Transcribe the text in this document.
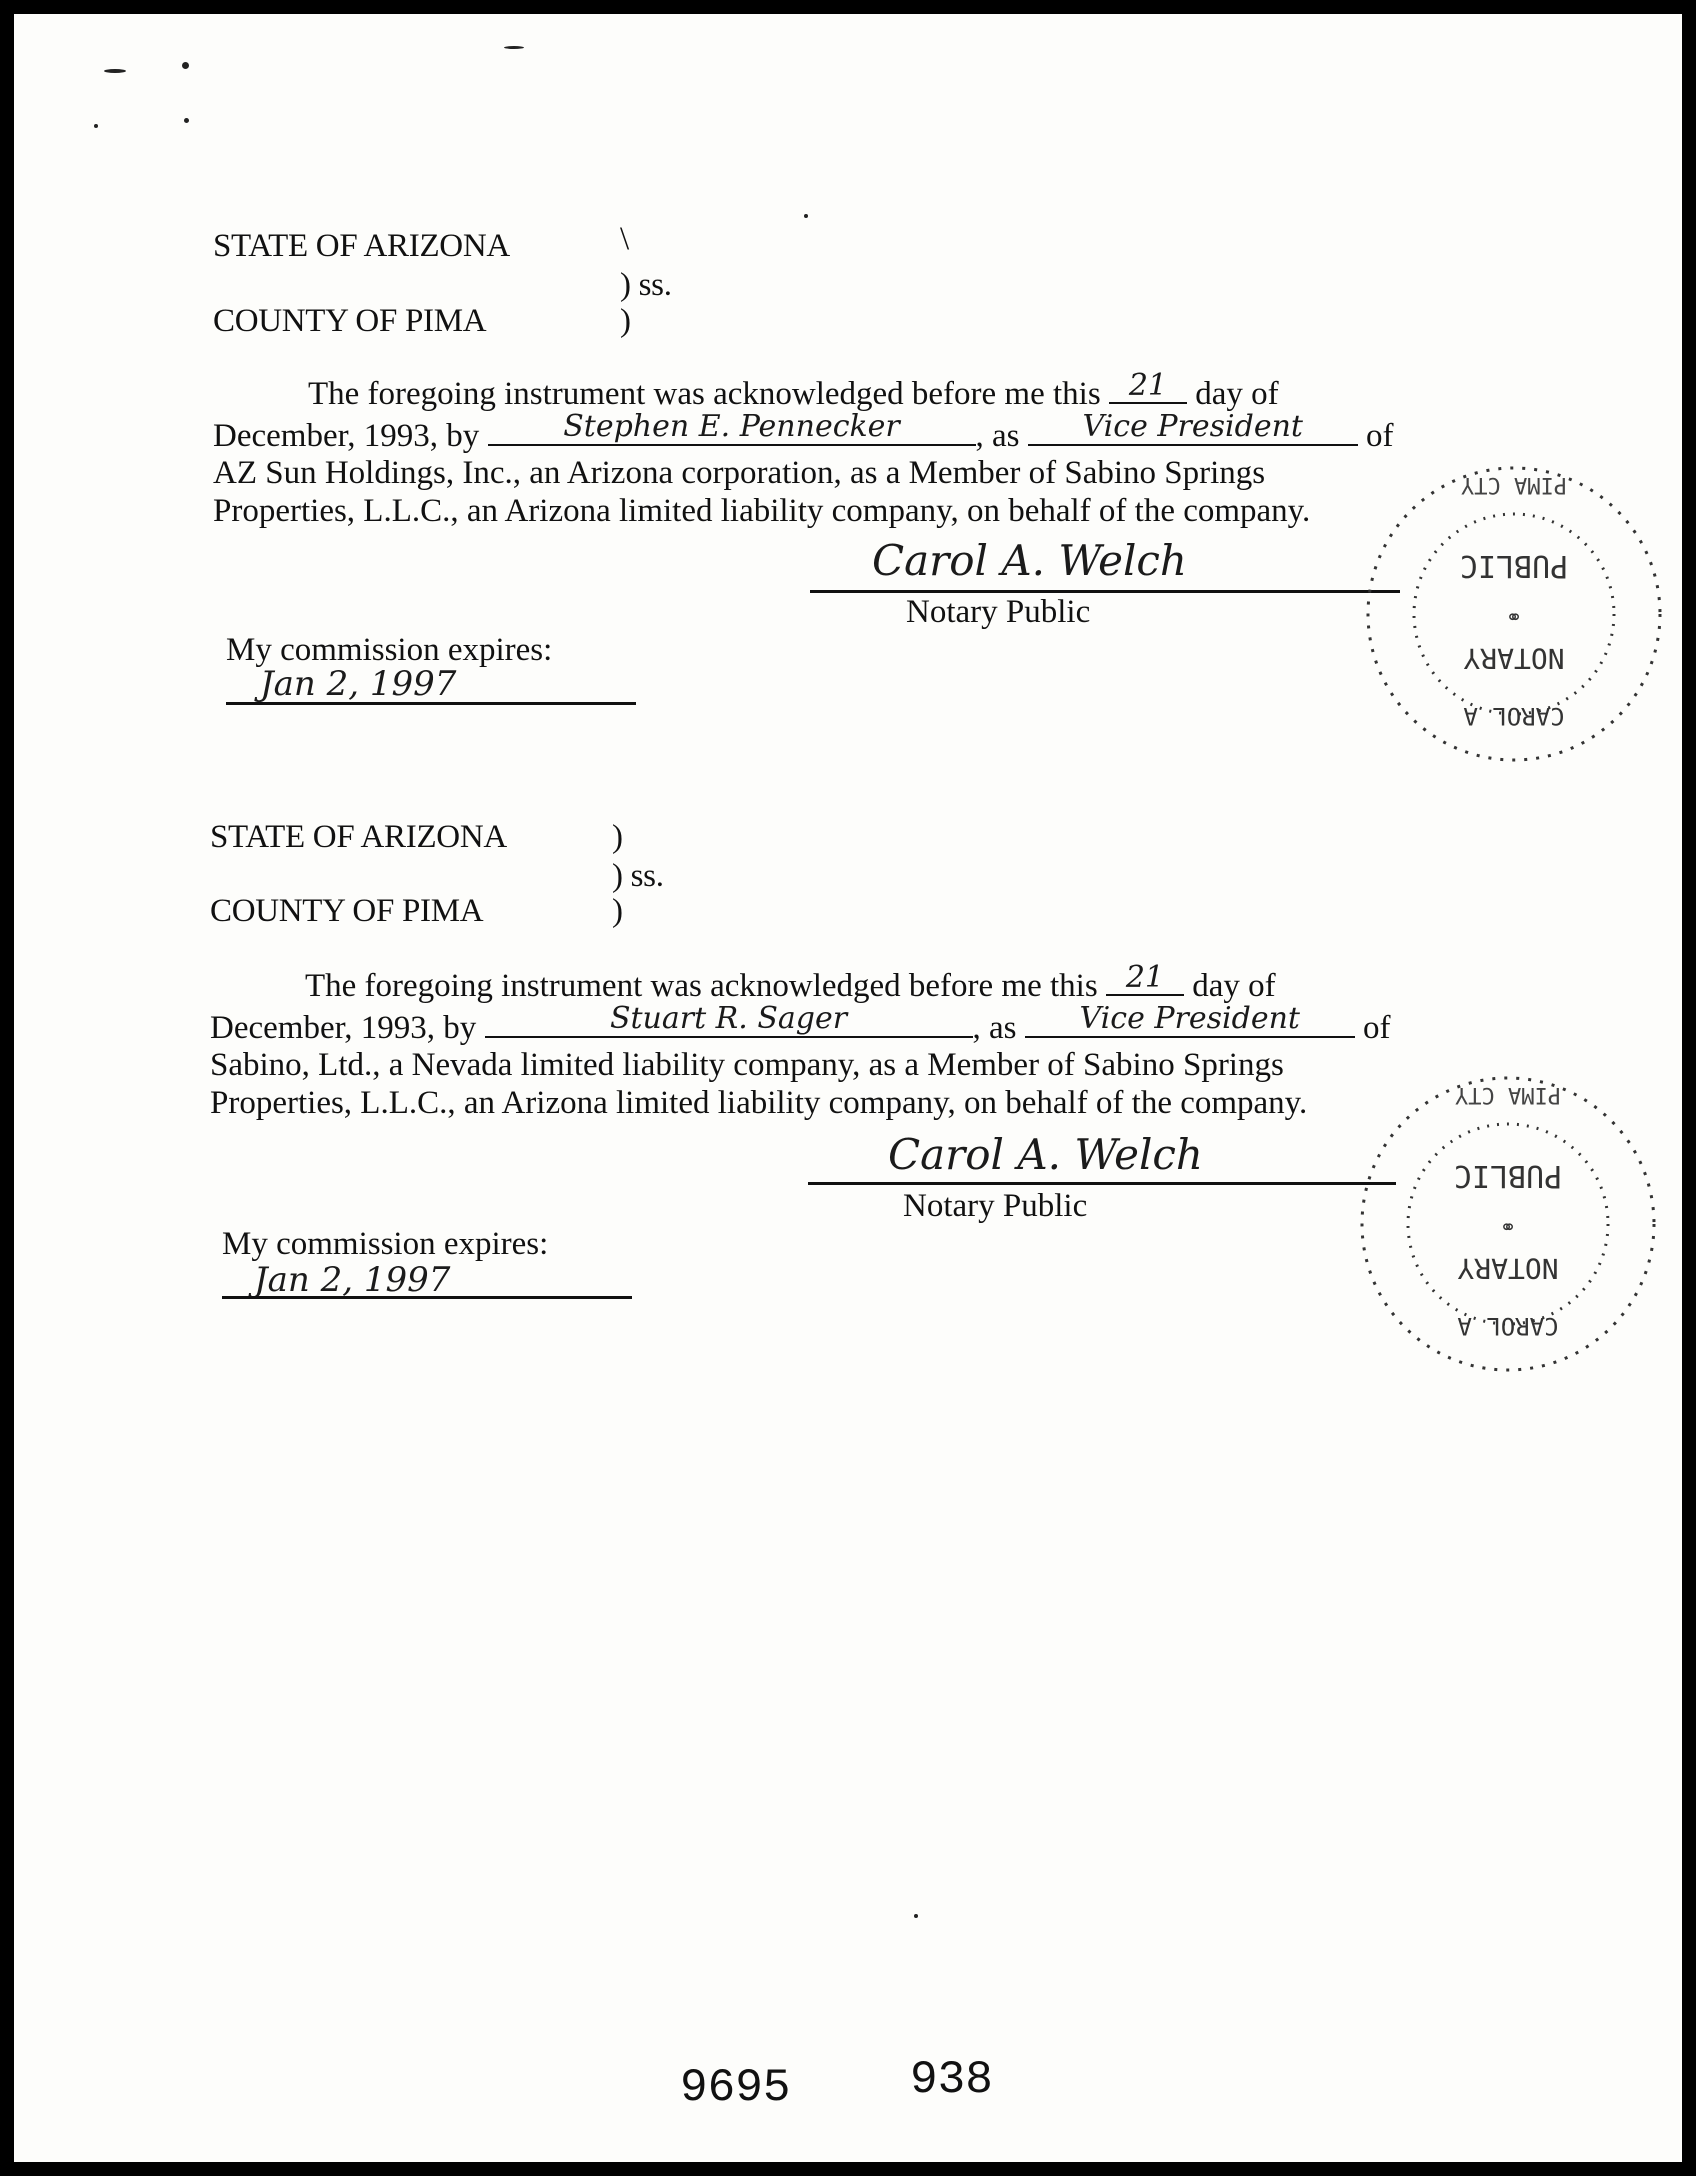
STATE OF ARIZONA	\
) ss.
COUNTY OF PIMA	)
The foregoing instrument was acknowledged before me this 21 day of
December, 1993, by	Stephen E. Pennecker	, as	Vice President	of
AZ Sun Holdings, Inc., an Arizona corporation, as a Member of Sabino Springs
Properties, L.L.C., an Arizona limited liability company, on behalf of the company.
Carol A. Welch
Notary Public
My commission expires:
Jan 2, 1997
STATE OF ARIZONA	)
) ss.
COUNTY OF PIMA	)
The foregoing instrument was acknowledged before me this 21 day of
December, 1993, by	Stuart R. Sager	, as	Vice President	of
Sabino, Ltd., a Nevada limited liability company, as a Member of Sabino Springs
Properties, L.L.C., an Arizona limited liability company, on behalf of the company.
Carol A. Welch
Notary Public
My commission expires:
Jan 2, 1997
PUBLIC
⚭
NOTARY
CAROL A
PIMA CTY
PUBLIC
⚭
NOTARY
CAROL A
PIMA CTY
9695	938
